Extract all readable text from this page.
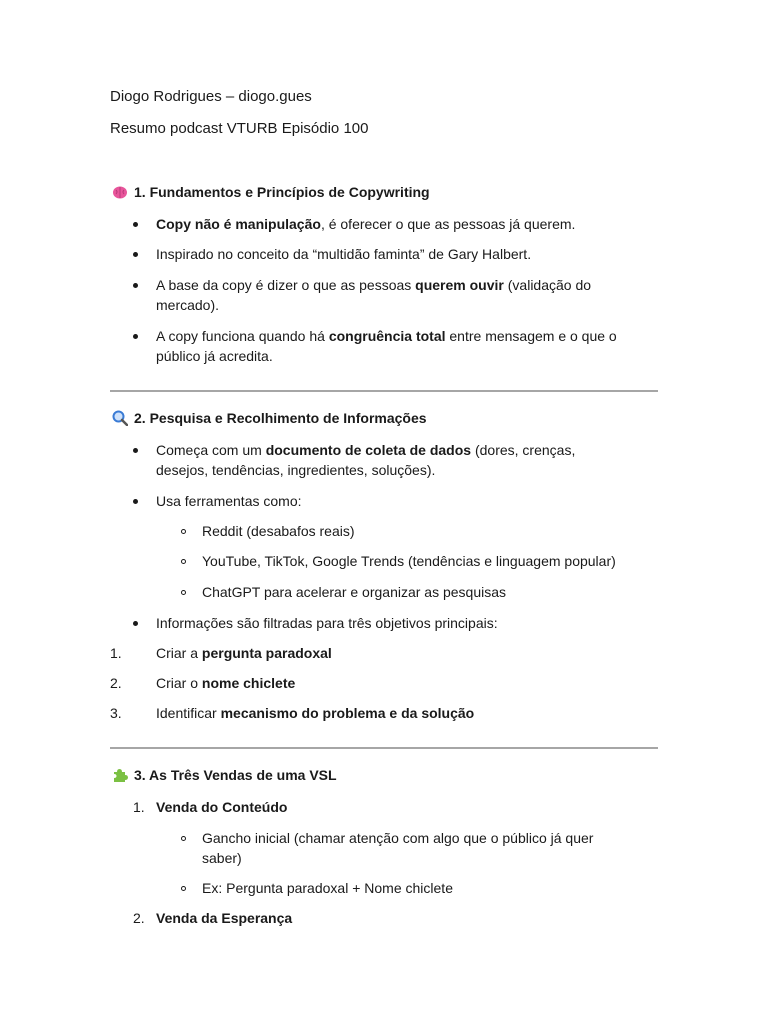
Diogo Rodrigues – diogo.gues
Resumo podcast VTURB Episódio 100
1. Fundamentos e Princípios de Copywriting
Copy não é manipulação, é oferecer o que as pessoas já querem.
Inspirado no conceito da “multidão faminta” de Gary Halbert.
A base da copy é dizer o que as pessoas querem ouvir (validação do
mercado).
A copy funciona quando há congruência total entre mensagem e o que o
público já acredita.
2. Pesquisa e Recolhimento de Informações
Começa com um documento de coleta de dados (dores, crenças,
desejos, tendências, ingredientes, soluções).
Usa ferramentas como:
Reddit (desabafos reais)
YouTube, TikTok, Google Trends (tendências e linguagem popular)
ChatGPT para acelerar e organizar as pesquisas
Informações são filtradas para três objetivos principais:
1. Criar a pergunta paradoxal
2. Criar o nome chiclete
3. Identificar mecanismo do problema e da solução
3. As Três Vendas de uma VSL
1. Venda do Conteúdo
Gancho inicial (chamar atenção com algo que o público já quer
saber)
Ex: Pergunta paradoxal + Nome chiclete
2. Venda da Esperança
